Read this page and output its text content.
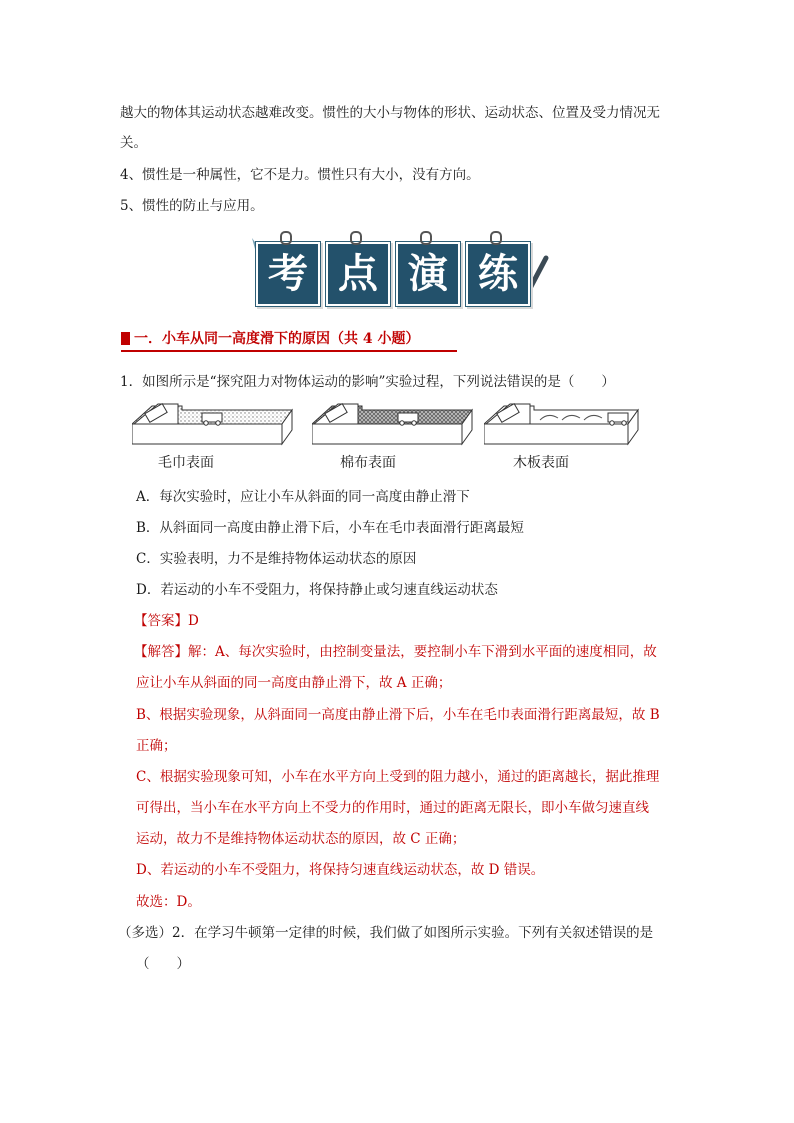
越大的物体其运动状态越难改变。惯性的大小与物体的形状、运动状态、位置及受力情况无
关。
4、惯性是一种属性，它不是力。惯性只有大小，没有方向。
5、惯性的防止与应用。
考 点 演 练
一．小车从同一高度滑下的原因（共 4 小题）
1．如图所示是“探究阻力对物体运动的影响”实验过程，下列说法错误的是（　　）
毛巾表面	棉布表面	木板表面
A．每次实验时，应让小车从斜面的同一高度由静止滑下
B．从斜面同一高度由静止滑下后，小车在毛巾表面滑行距离最短
C．实验表明，力不是维持物体运动状态的原因
D．若运动的小车不受阻力，将保持静止或匀速直线运动状态
【答案】D
【解答】解：A、每次实验时，由控制变量法，要控制小车下滑到水平面的速度相同，故
应让小车从斜面的同一高度由静止滑下，故 A 正确；
B、根据实验现象，从斜面同一高度由静止滑下后，小车在毛巾表面滑行距离最短，故 B
正确；
C、根据实验现象可知，小车在水平方向上受到的阻力越小，通过的距离越长，据此推理
可得出，当小车在水平方向上不受力的作用时，通过的距离无限长，即小车做匀速直线
运动，故力不是维持物体运动状态的原因，故 C 正确；
D、若运动的小车不受阻力，将保持匀速直线运动状态，故 D 错误。
故选：D。
（多选）2．在学习牛顿第一定律的时候，我们做了如图所示实验。下列有关叙述错误的是
（　　）
